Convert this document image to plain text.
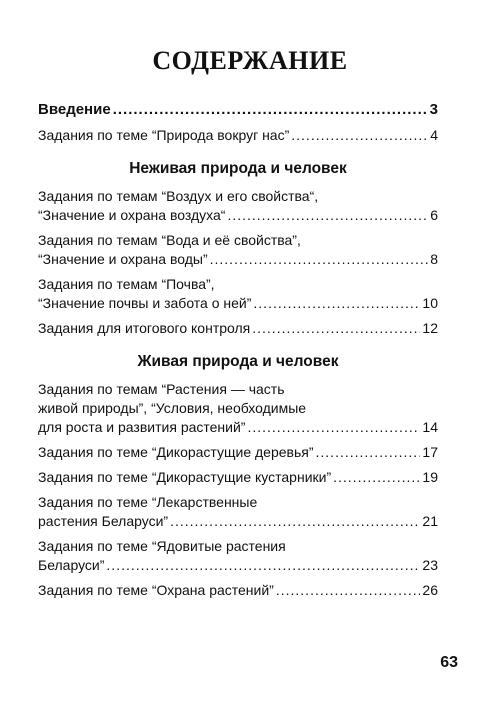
СОДЕРЖАНИЕ
Введение .....	3
Задания по теме “Природа вокруг нас” .....	4
Неживая природа и человек
Задания по темам “Воздух и его свойства“,
“Значение и охрана воздуха“ .....	6
Задания по темам “Вода и её свойства”,
“Значение и охрана воды” .....	8
Задания по темам “Почва”,
“Значение почвы и забота о ней” .....	10
Задания для итогового контроля .....	12
Живая природа и человек
Задания по темам “Растения — часть
живой природы”, “Условия, необходимые
для роста и развития растений” .....	14
Задания по теме “Дикорастущие деревья” .....	17
Задания по теме “Дикорастущие кустарники” .....	19
Задания по теме “Лекарственные
растения Беларуси” .....	21
Задания по теме “Ядовитые растения
Беларуси” .....	23
Задания по теме “Охрана растений” .....	26
63
